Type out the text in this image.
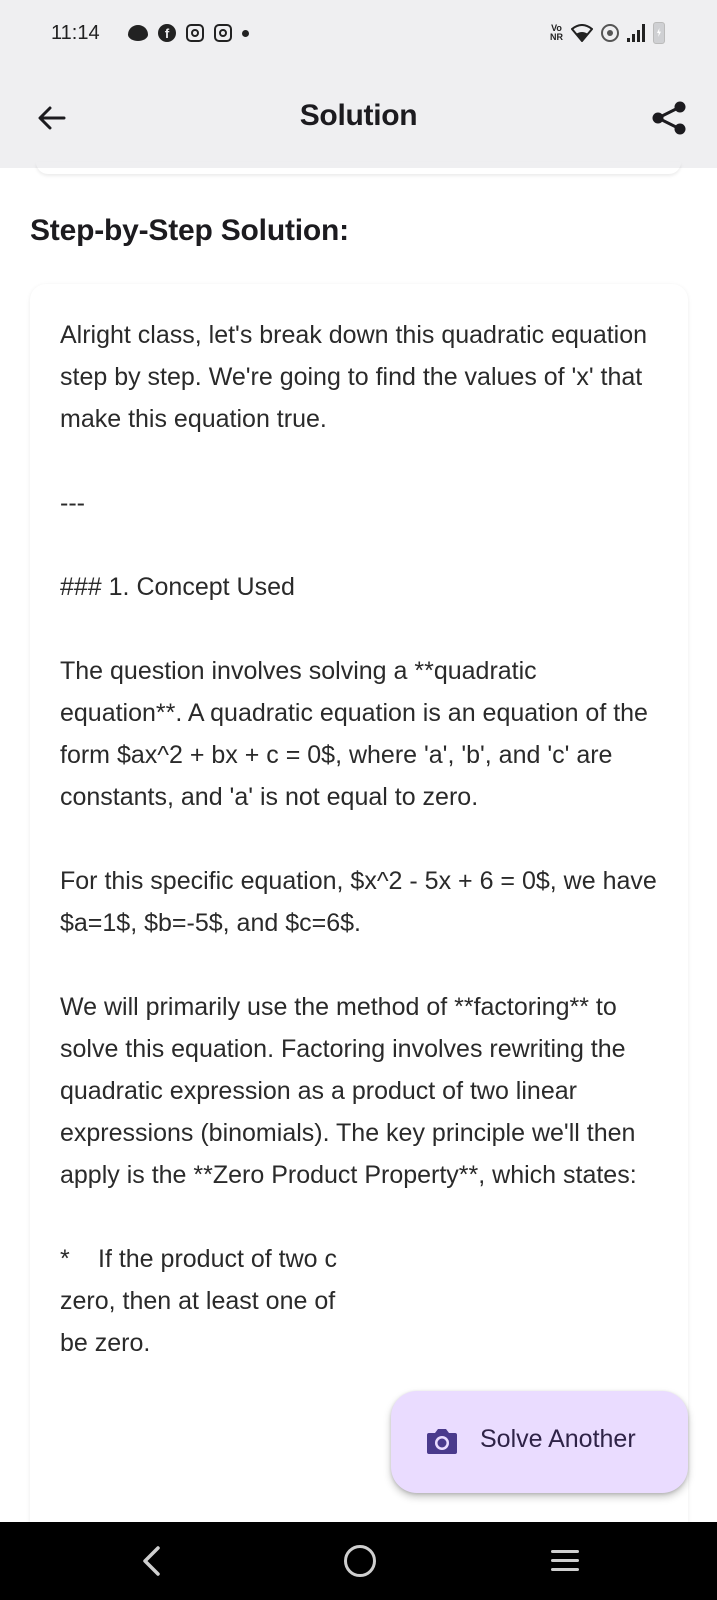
11:14	f	Vo
NR
Solution
Step-by-Step Solution:

Alright class, let's break down this quadratic equation step by step. We're going to find the values of 'x' that make this equation true.

---

### 1. Concept Used

The question involves solving a **quadratic equation**. A quadratic equation is an equation of the form $ax^2 + bx + c = 0$, where 'a', 'b', and 'c' are constants, and 'a' is not equal to zero.

For this specific equation, $x^2 - 5x + 6 = 0$, we have $a=1$, $b=-5$, and $c=6$.

We will primarily use the method of **factoring** to solve this equation. Factoring involves rewriting the quadratic expression as a product of two linear expressions (binomials). The key principle we'll then apply is the **Zero Product Property**, which states:

*	If the product of two c
zero, then at least one of
be zero.
Solve Another
